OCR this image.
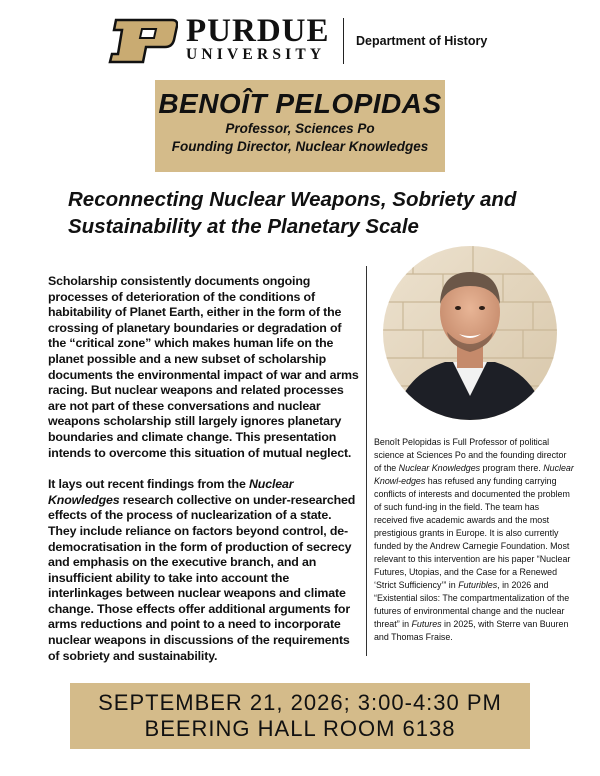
PURDUE
UNIVERSITY
Department of History
BENOÎT PELOPIDAS
Professor, Sciences Po
Founding Director, Nuclear Knowledges
Reconnecting Nuclear Weapons, Sobriety and Sustainability at the Planetary Scale

Scholarship consistently documents ongoing processes of deterioration of the conditions of habitability of Planet Earth, either in the form of the crossing of planetary boundaries or degradation of the “critical zone” which makes human life on the planet possible and a new subset of scholarship documents the environmental impact of war and arms racing. But nuclear weapons and related processes are not part of these conversations and nuclear weapons scholarship still largely ignores planetary boundaries and climate change. This presentation intends to overcome this situation of mutual neglect.

It lays out recent findings from the Nuclear Knowledges research collective on under-researched effects of the process of nuclearization of a state. They include reliance on factors beyond control, de-democratisation in the form of production of secrecy and emphasis on the executive branch, and an insufficient ability to take into account the interlinkages between nuclear weapons and climate change. Those effects offer additional arguments for arms reductions and point to a need to incorporate nuclear weapons in discussions of the requirements of sobriety and sustainability.

Benoît Pelopidas is Full Professor of political science at Sciences Po and the founding director of the Nuclear Knowledges program there. Nuclear Knowl-edges has refused any funding carrying conflicts of interests and documented the problem of such fund-ing in the field. The team has received five academic awards and the most prestigious grants in Europe. It is also currently funded by the Andrew Carnegie Foundation. Most relevant to this intervention are his paper “Nuclear Futures, Utopias, and the Case for a Renewed ‘Strict Sufficiency’” in Futuribles, in 2026 and “Existential silos: The compartmentalization of the futures of environmental change and the nuclear threat” in Futures in 2025, with Sterre van Buuren and Thomas Fraise.
SEPTEMBER 21, 2026; 3:00-4:30 PM
BEERING HALL ROOM 6138
